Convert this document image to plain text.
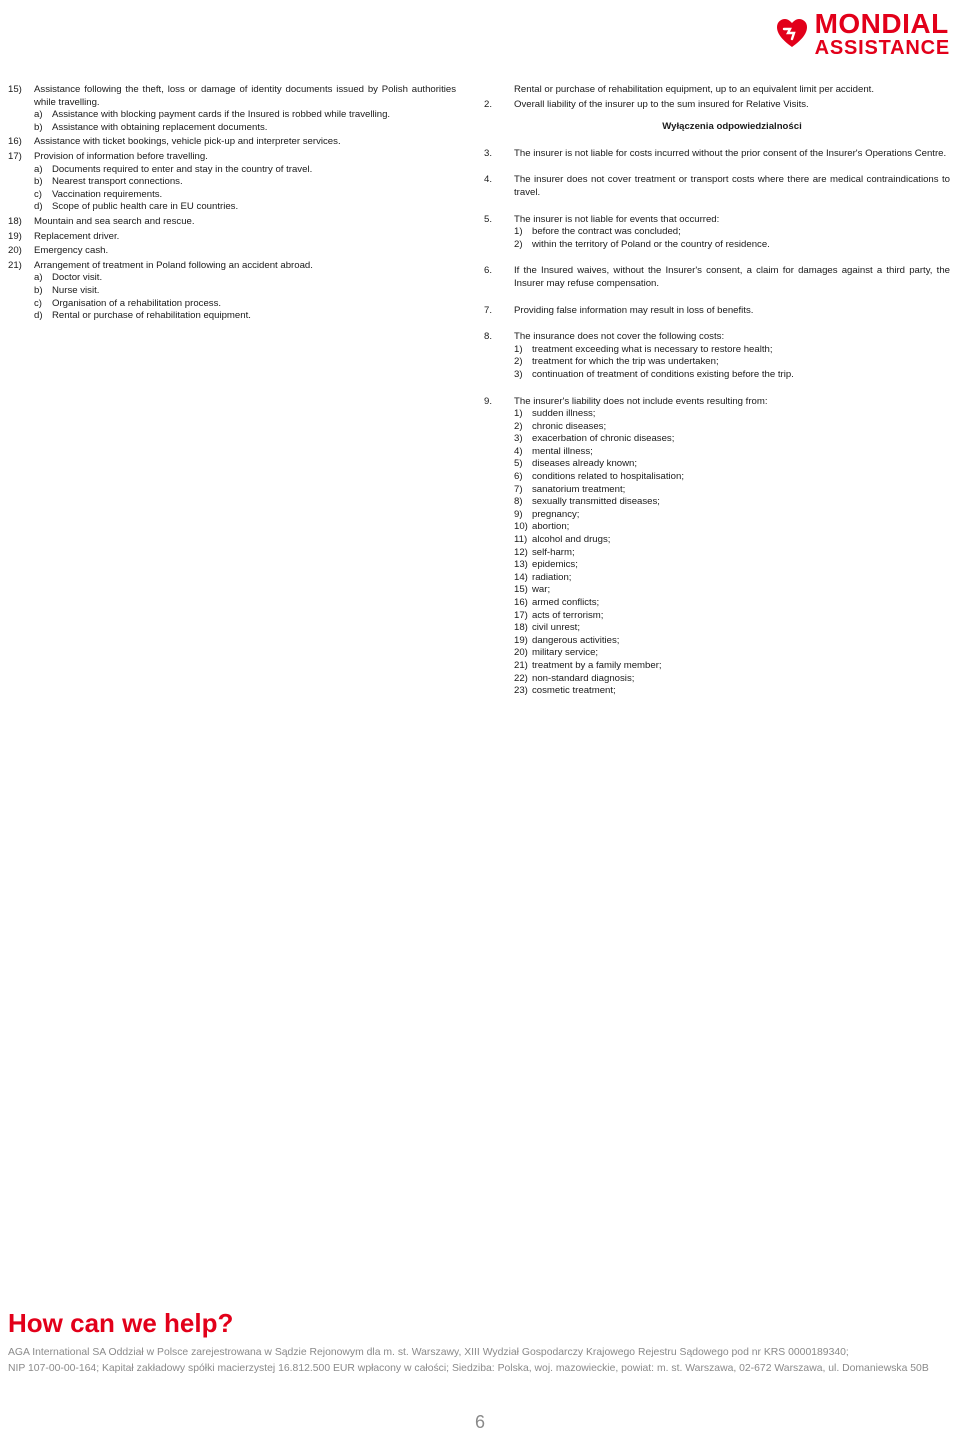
MONDIAL
ASSISTANCE
15)	Assistance following the theft, loss or damage of identity documents issued by Polish authorities while travelling.
a) Assistance with blocking payment cards if the Insured is robbed while travelling.
b) Assistance with obtaining replacement documents.
16)	Assistance with ticket bookings, vehicle pick-up and interpreter services.
17)	Provision of information before travelling.
a) Documents required to enter and stay in the country of travel.
b) Nearest transport connections.
c)	Vaccination requirements.
d) Scope of public health care in EU countries.
18)	Mountain and sea search and rescue.
19)	Replacement driver.
20)	Emergency cash.
21)	Arrangement of treatment in Poland following an accident abroad.
a) Doctor visit.
b) Nurse visit.
c)	Organisation of a rehabilitation process.
d) Rental or purchase of rehabilitation equipment.
Rental or purchase of rehabilitation equipment, up to an equivalent limit per accident.
2.	Overall liability of the insurer up to the sum insured for Relative Visits.
Wyłączenia odpowiedzialności
3.	The insurer is not liable for costs incurred without the prior consent of the Insurer's Operations Centre.
4.	The insurer does not cover treatment or transport costs where there are medical contraindications to travel.
5.	The insurer is not liable for events that occurred:
1) before the contract was concluded;
2) within the territory of Poland or the country of residence.
6.	If the Insured waives, without the Insurer's consent, a claim for damages against a third party, the Insurer may refuse compensation.
7.	Providing false information may result in loss of benefits.
8.	The insurance does not cover the following costs:
1) treatment exceeding what is necessary to restore health;
2) treatment for which the trip was undertaken;
3) continuation of treatment of conditions existing before the trip.
9.	The insurer's liability does not include events resulting from:
1) sudden illness;
2) chronic diseases;
3) exacerbation of chronic diseases;
4) mental illness;
5) diseases already known;
6) conditions related to hospitalisation;
7) sanatorium treatment;
8) sexually transmitted diseases;
9) pregnancy;
10) abortion;
11) alcohol and drugs;
12) self-harm;
13) epidemics;
14) radiation;
15) war;
16) armed conflicts;
17) acts of terrorism;
18) civil unrest;
19) dangerous activities;
20) military service;
21) treatment by a family member;
22) non-standard diagnosis;
23) cosmetic treatment;
How can we help?
AGA International SA Oddział w Polsce zarejestrowana w Sądzie Rejonowym dla m. st. Warszawy, XIII Wydział Gospodarczy Krajowego Rejestru Sądowego pod nr KRS 0000189340;
NIP 107-00-00-164; Kapitał zakładowy spółki macierzystej 16.812.500 EUR wpłacony w całości; Siedziba: Polska, woj. mazowieckie, powiat: m. st. Warszawa, 02-672 Warszawa, ul. Domaniewska 50B
6
